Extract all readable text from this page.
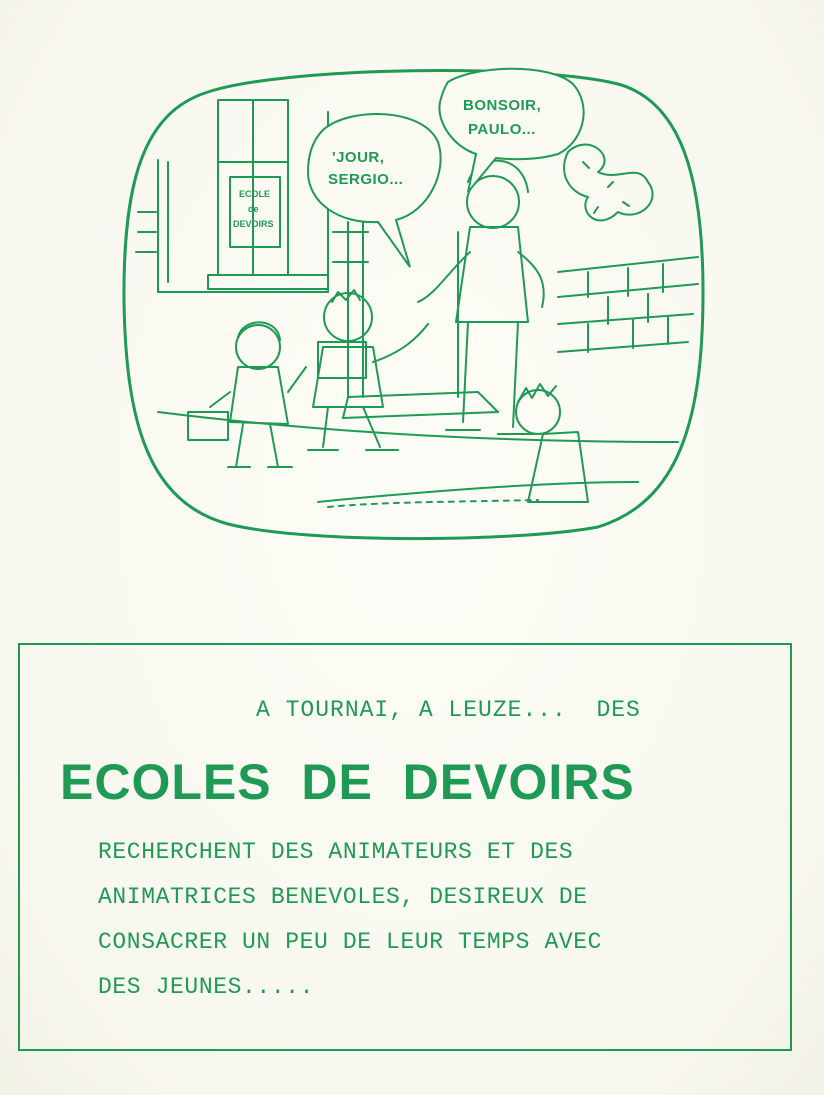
'JOUR,
SERGIO...
BONSOIR,
PAULO...
ECOLE
de
DEVOIRS
A TOURNAI, A LEUZE...  DES
ECOLES  DE  DEVOIRS
RECHERCHENT DES ANIMATEURS ET DES
ANIMATRICES BENEVOLES, DESIREUX DE
CONSACRER UN PEU DE LEUR TEMPS AVEC
DES JEUNES.....
